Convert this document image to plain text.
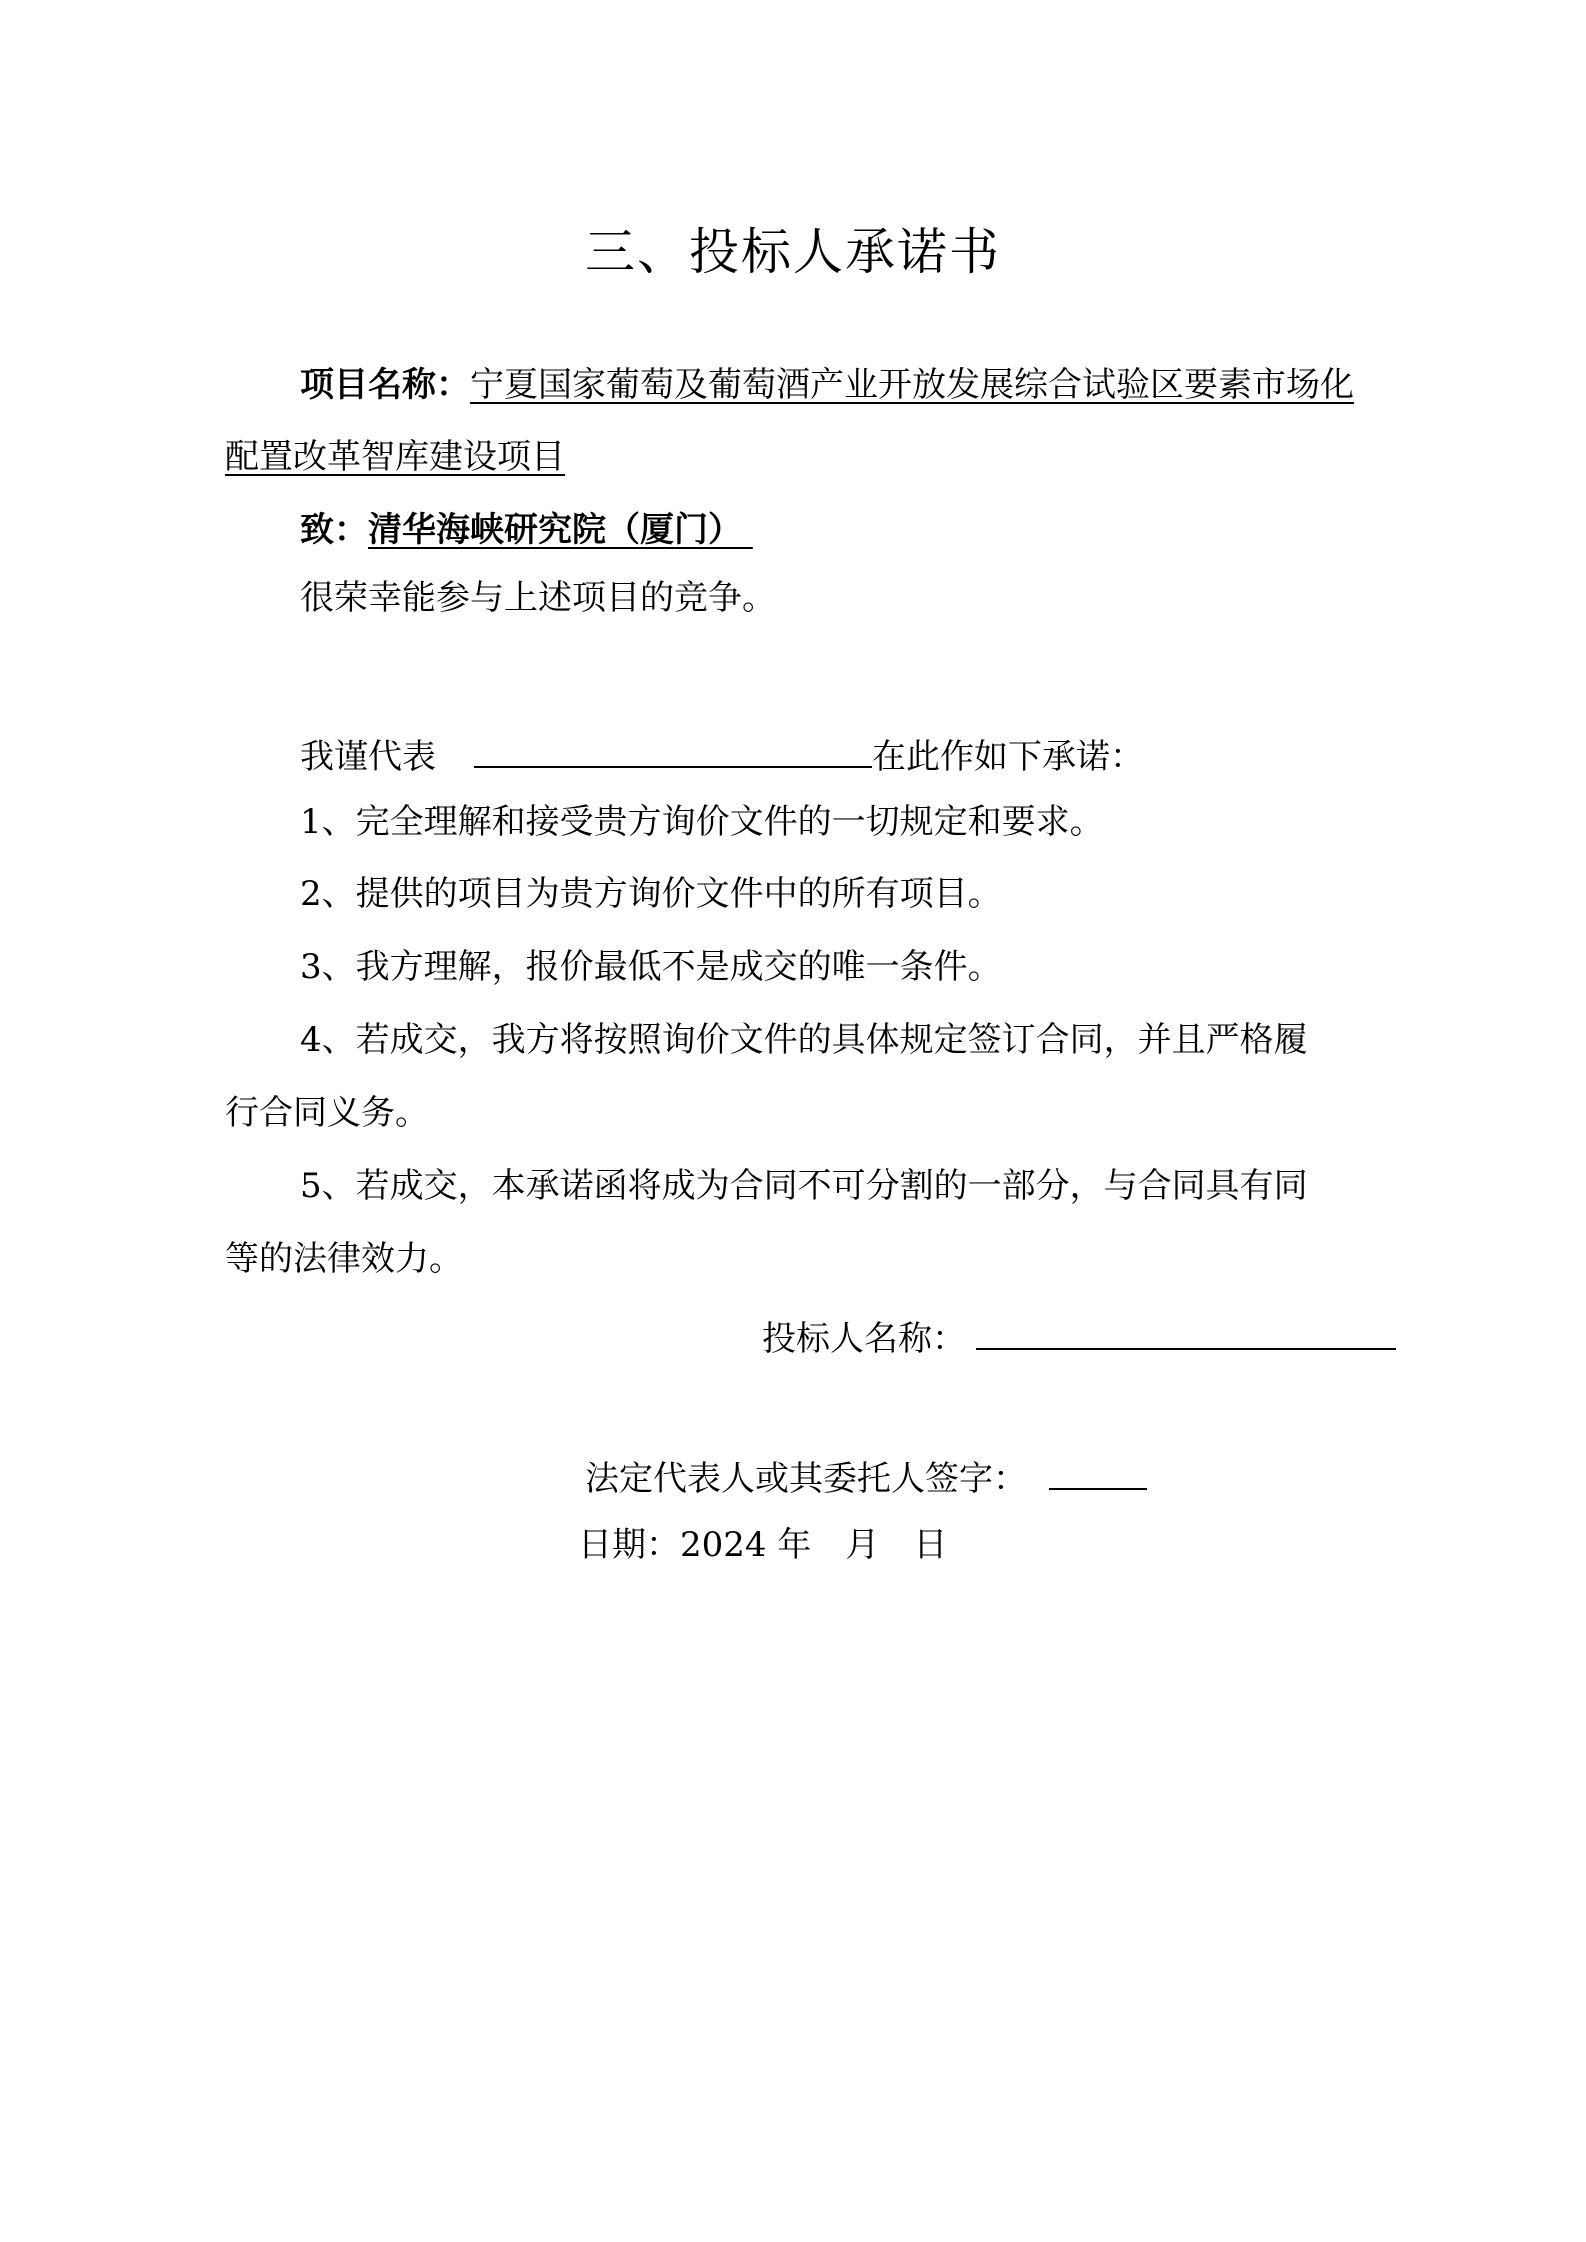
三、投标人承诺书
项目名称：宁夏国家葡萄及葡萄酒产业开放发展综合试验区要素市场化
配置改革智库建设项目
致：清华海峡研究院（厦门）
很荣幸能参与上述项目的竞争。
我谨代表	在此作如下承诺：
1、完全理解和接受贵方询价文件的一切规定和要求。
2、提供的项目为贵方询价文件中的所有项目。
3、我方理解，报价最低不是成交的唯一条件。
4、若成交，我方将按照询价文件的具体规定签订合同，并且严格履
行合同义务。
5、若成交，本承诺函将成为合同不可分割的一部分，与合同具有同
等的法律效力。
投标人名称：
法定代表人或其委托人签字：
日期：2024 年　月　日
